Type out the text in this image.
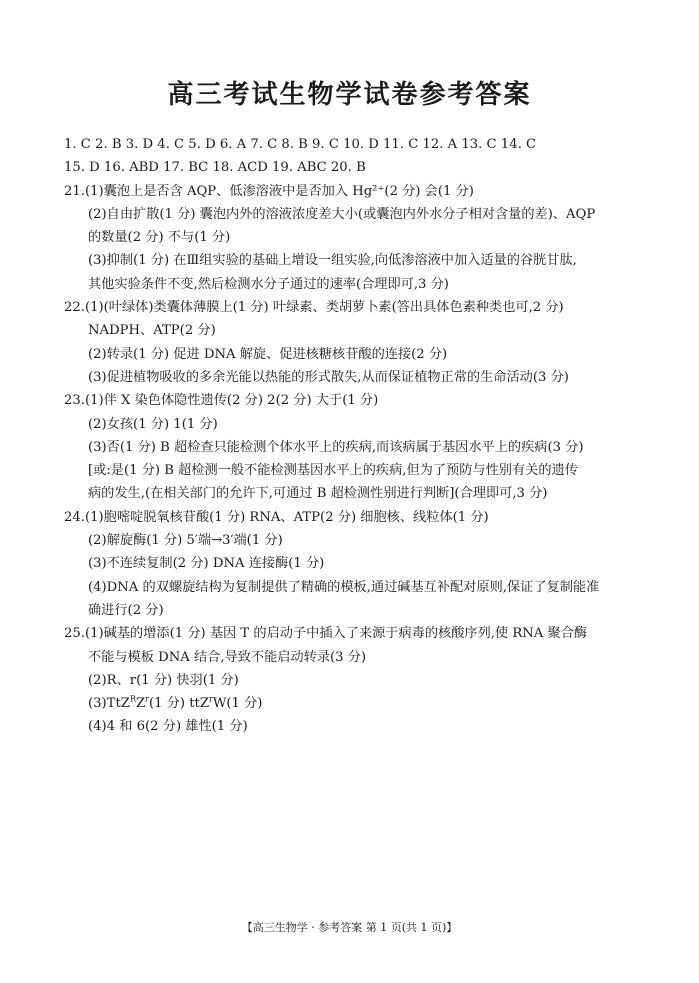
高三考试生物学试卷参考答案
1. C 2. B 3. D 4. C 5. D 6. A 7. C 8. B 9. C 10. D 11. C 12. A 13. C 14. C
15. D 16. ABD 17. BC 18. ACD 19. ABC 20. B
21.(1)囊泡上是否含 AQP、低渗溶液中是否加入 Hg²⁺(2 分) 会(1 分)
(2)自由扩散(1 分) 囊泡内外的溶液浓度差大小(或囊泡内外水分子相对含量的差)、AQP
的数量(2 分) 不与(1 分)
(3)抑制(1 分) 在Ⅲ组实验的基础上增设一组实验,向低渗溶液中加入适量的谷胱甘肽,
其他实验条件不变,然后检测水分子通过的速率(合理即可,3 分)
22.(1)(叶绿体)类囊体薄膜上(1 分) 叶绿素、类胡萝卜素(答出具体色素种类也可,2 分)
NADPH、ATP(2 分)
(2)转录(1 分) 促进 DNA 解旋、促进核糖核苷酸的连接(2 分)
(3)促进植物吸收的多余光能以热能的形式散失,从而保证植物正常的生命活动(3 分)
23.(1)伴 X 染色体隐性遗传(2 分) 2(2 分) 大于(1 分)
(2)女孩(1 分) 1(1 分)
(3)否(1 分) B 超检查只能检测个体水平上的疾病,而该病属于基因水平上的疾病(3 分)
[或:是(1 分) B 超检测一般不能检测基因水平上的疾病,但为了预防与性别有关的遗传
病的发生,(在相关部门的允许下,可通过 B 超检测性别进行判断](合理即可,3 分)
24.(1)胞嘧啶脱氧核苷酸(1 分) RNA、ATP(2 分) 细胞核、线粒体(1 分)
(2)解旋酶(1 分) 5′端→3′端(1 分)
(3)不连续复制(2 分) DNA 连接酶(1 分)
(4)DNA 的双螺旋结构为复制提供了精确的模板,通过碱基互补配对原则,保证了复制能准
确进行(2 分)
25.(1)碱基的增添(1 分) 基因 T 的启动子中插入了来源于病毒的核酸序列,使 RNA 聚合酶
不能与模板 DNA 结合,导致不能启动转录(3 分)
(2)R、r(1 分) 快羽(1 分)
$(3)TtZ^RZ^r(1$ 分) ttZ$^r$W(1 分)
(4)4 和 6(2 分) 雄性(1 分)
【高三生物学 · 参考答案 第 1 页(共 1 页)】
